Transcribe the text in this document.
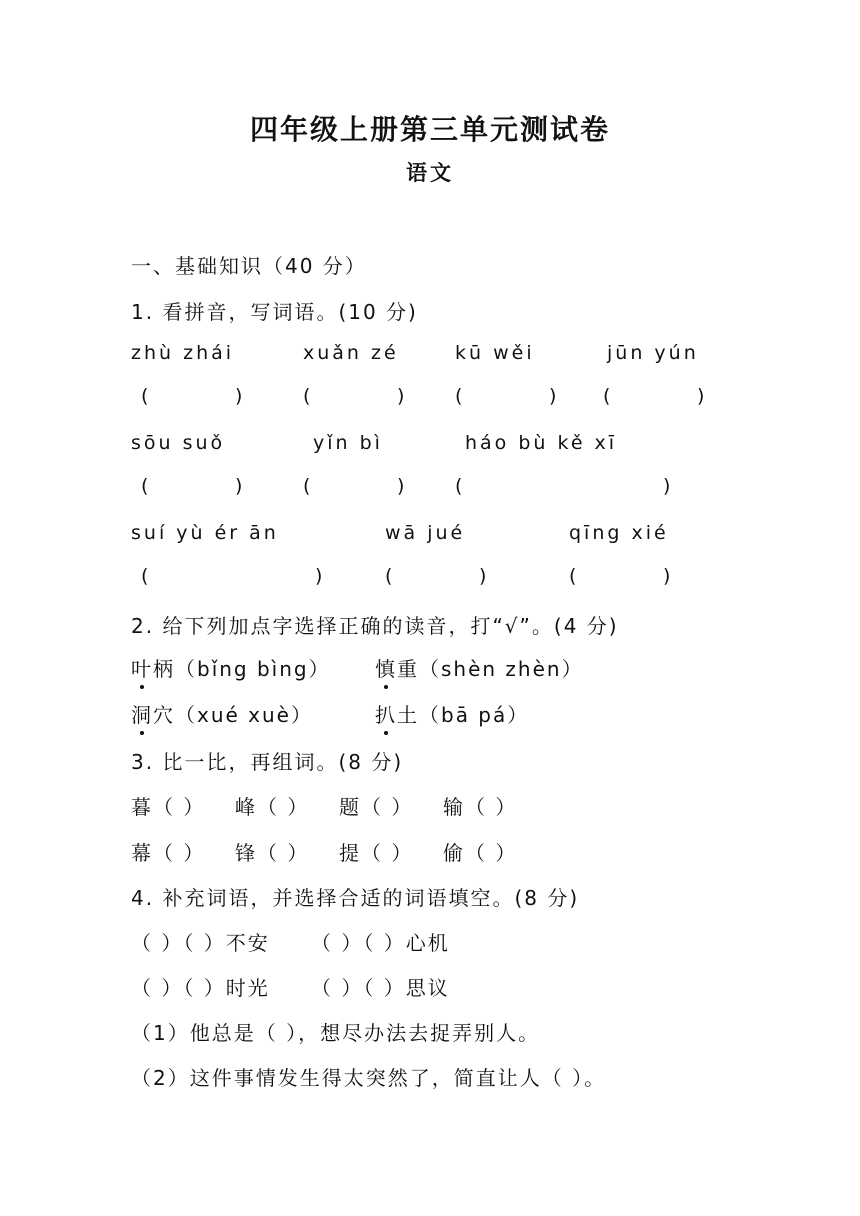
四年级上册第三单元测试卷
语文
一、基础知识（40 分）
1. 看拼音，写词语。(10 分)
zhù zhái	xuǎn zé	kū wěi	jūn yún
(	)	(	)	(	) (	)
sōu suǒ	yǐn bì	háo bù kě xī
(	)	(	)	(	)
suí yù ér ān	wā jué	qīng xié
(	)	(	)	(	)
2. 给下列加点字选择正确的读音，打“√”。(4 分)
叶柄（bǐng bìng） 慎重（shèn zhèn）
洞穴（xué xuè）	扒土（bā pá）
3. 比一比，再组词。(8 分)
暮（ ） 峰（ ） 题（ ） 输（ ）
幕（ ） 锋（ ） 提（ ） 偷（ ）
4. 补充词语，并选择合适的词语填空。(8 分)
（ ）（ ）不安 （ ）（ ）心机
（ ）（ ）时光 （ ）（ ）思议
（1）他总是（ ），想尽办法去捉弄别人。
（2）这件事情发生得太突然了，简直让人（ ）。
